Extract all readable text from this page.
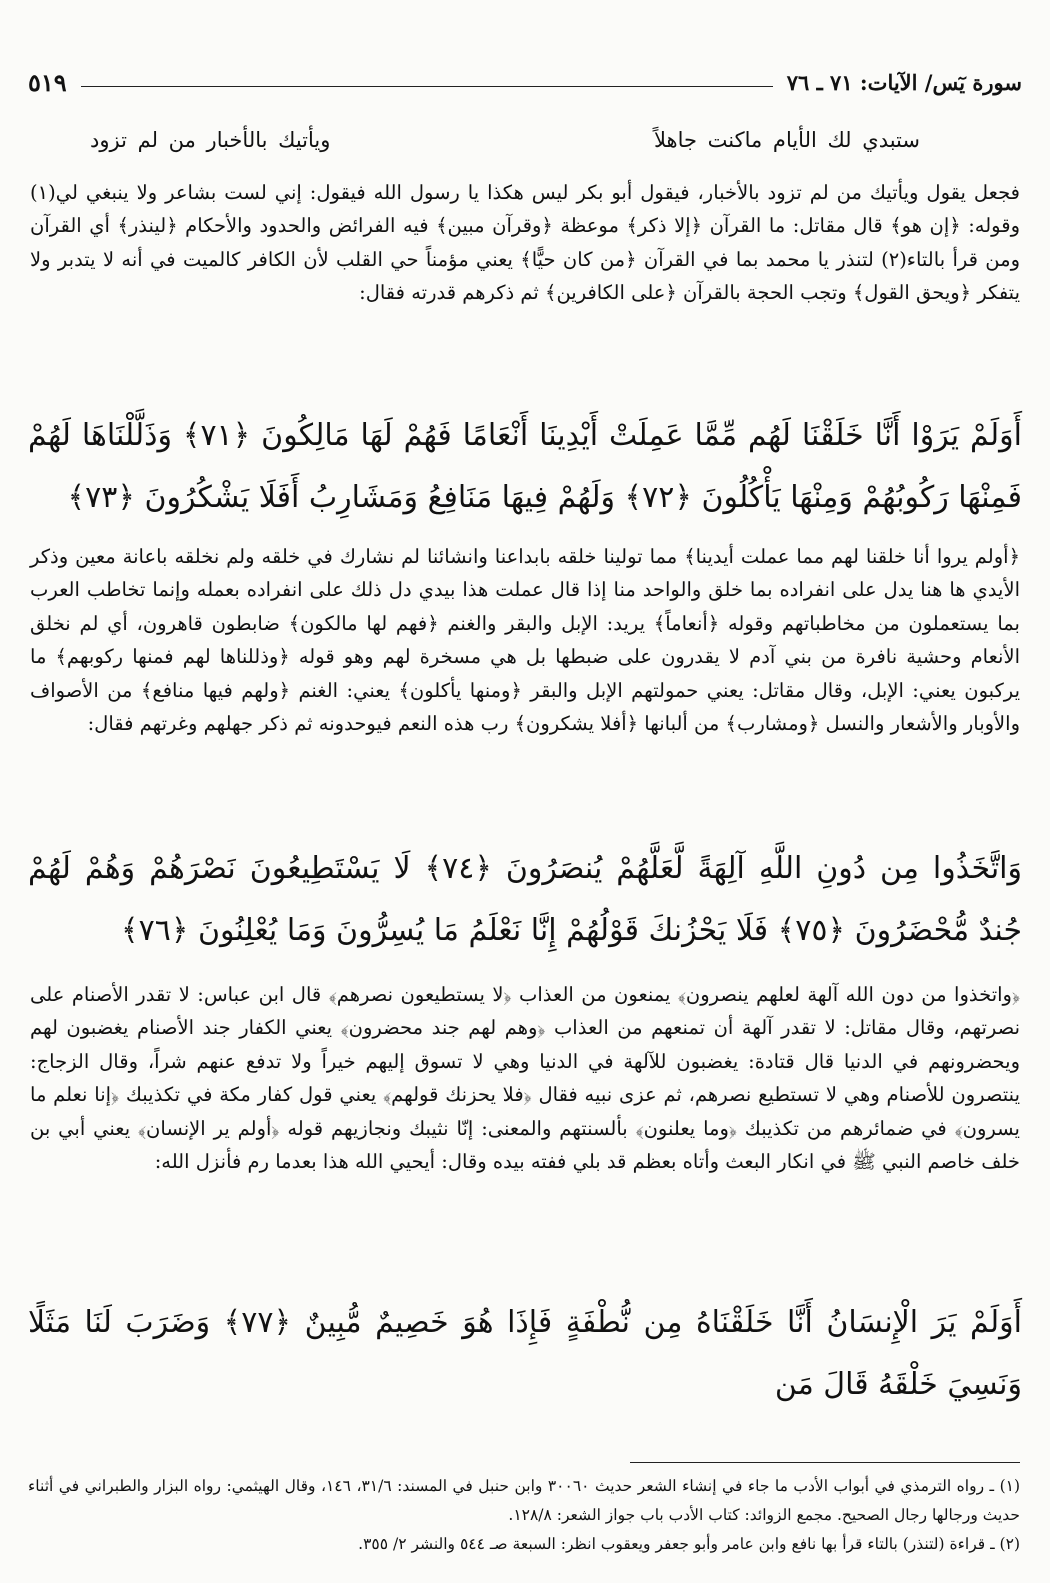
سورة يٓس/ الآيات: ٧١ ـ ٧٦
٥١٩
ستبدي لك الأيام ماكنت جاهلاً
ويأتيك بالأخبار من لم تزود

فجعل يقول ويأتيك من لم تزود بالأخبار، فيقول أبو بكر ليس هكذا يا رسول الله فيقول: إني لست بشاعر ولا ينبغي لي(١) وقوله: ﴿إن هو﴾ قال مقاتل: ما القرآن ﴿إلا ذكر﴾ موعظة ﴿وقرآن مبين﴾ فيه الفرائض والحدود والأحكام ﴿لينذر﴾ أي القرآن ومن قرأ بالتاء(٢) لتنذر يا محمد بما في القرآن ﴿من كان حيًّا﴾ يعني مؤمناً حي القلب لأن الكافر كالميت في أنه لا يتدبر ولا يتفكر ﴿ويحق القول﴾ وتجب الحجة بالقرآن ﴿على الكافرين﴾ ثم ذكرهم قدرته فقال:

أَوَلَمْ يَرَوْا أَنَّا خَلَقْنَا لَهُم مِّمَّا عَمِلَتْ أَيْدِينَا أَنْعَامًا فَهُمْ لَهَا مَالِكُونَ ﴿٧١﴾ وَذَلَّلْنَاهَا لَهُمْ فَمِنْهَا رَكُوبُهُمْ وَمِنْهَا يَأْكُلُونَ ﴿٧٢﴾ وَلَهُمْ فِيهَا مَنَافِعُ وَمَشَارِبُ أَفَلَا يَشْكُرُونَ ﴿٧٣﴾

﴿أولم يروا أنا خلقنا لهم مما عملت أيدينا﴾ مما تولينا خلقه بابداعنا وانشائنا لم نشارك في خلقه ولم نخلقه باعانة معين وذكر الأيدي ها هنا يدل على انفراده بما خلق والواحد منا إذا قال عملت هذا بيدي دل ذلك على انفراده بعمله وإنما تخاطب العرب بما يستعملون من مخاطباتهم وقوله ﴿أنعاماً﴾ يريد: الإبل والبقر والغنم ﴿فهم لها مالكون﴾ ضابطون قاهرون، أي لم نخلق الأنعام وحشية نافرة من بني آدم لا يقدرون على ضبطها بل هي مسخرة لهم وهو قوله ﴿وذللناها لهم فمنها ركوبهم﴾ ما يركبون يعني: الإبل، وقال مقاتل: يعني حمولتهم الإبل والبقر ﴿ومنها يأكلون﴾ يعني: الغنم ﴿ولهم فيها منافع﴾ من الأصواف والأوبار والأشعار والنسل ﴿ومشارب﴾ من ألبانها ﴿أفلا يشكرون﴾ رب هذه النعم فيوحدونه ثم ذكر جهلهم وغرتهم فقال:

وَاتَّخَذُوا مِن دُونِ اللَّهِ آلِهَةً لَّعَلَّهُمْ يُنصَرُونَ ﴿٧٤﴾ لَا يَسْتَطِيعُونَ نَصْرَهُمْ وَهُمْ لَهُمْ جُندٌ مُّحْضَرُونَ ﴿٧٥﴾ فَلَا يَحْزُنكَ قَوْلُهُمْ إِنَّا نَعْلَمُ مَا يُسِرُّونَ وَمَا يُعْلِنُونَ ﴿٧٦﴾

﴿واتخذوا من دون الله آلهة لعلهم ينصرون﴾ يمنعون من العذاب ﴿لا يستطيعون نصرهم﴾ قال ابن عباس: لا تقدر الأصنام على نصرتهم، وقال مقاتل: لا تقدر آلهة أن تمنعهم من العذاب ﴿وهم لهم جند محضرون﴾ يعني الكفار جند الأصنام يغضبون لهم ويحضرونهم في الدنيا قال قتادة: يغضبون للآلهة في الدنيا وهي لا تسوق إليهم خيراً ولا تدفع عنهم شراً، وقال الزجاج: ينتصرون للأصنام وهي لا تستطيع نصرهم، ثم عزى نبيه فقال ﴿فلا يحزنك قولهم﴾ يعني قول كفار مكة في تكذيبك ﴿إنا نعلم ما يسرون﴾ في ضمائرهم من تكذيبك ﴿وما يعلنون﴾ بألسنتهم والمعنى: إنّا نثيبك ونجازيهم قوله ﴿أولم ير الإنسان﴾ يعني أبي بن خلف خاصم النبي ﷺ في انكار البعث وأتاه بعظم قد بلي ففته بيده وقال: أيحيي الله هذا بعدما رم فأنزل الله:

أَوَلَمْ يَرَ الْإِنسَانُ أَنَّا خَلَقْنَاهُ مِن نُّطْفَةٍ فَإِذَا هُوَ خَصِيمٌ مُّبِينٌ ﴿٧٧﴾ وَضَرَبَ لَنَا مَثَلًا وَنَسِيَ خَلْقَهُ قَالَ مَن

(١) ـ رواه الترمذي في أبواب الأدب ما جاء في إنشاء الشعر حديث ٣٠٠٦٠ وابن حنبل في المسند: ٣١/٦، ١٤٦، وقال الهيثمي: رواه البزار والطبراني في أثناء حديث ورجالها رجال الصحيح. مجمع الزوائد: كتاب الأدب باب جواز الشعر: ١٢٨/٨.

(٢) ـ قراءة (لتنذر) بالتاء قرأ بها نافع وابن عامر وأبو جعفر ويعقوب انظر: السبعة صـ ٥٤٤ والنشر ٢/ ٣٥٥.
